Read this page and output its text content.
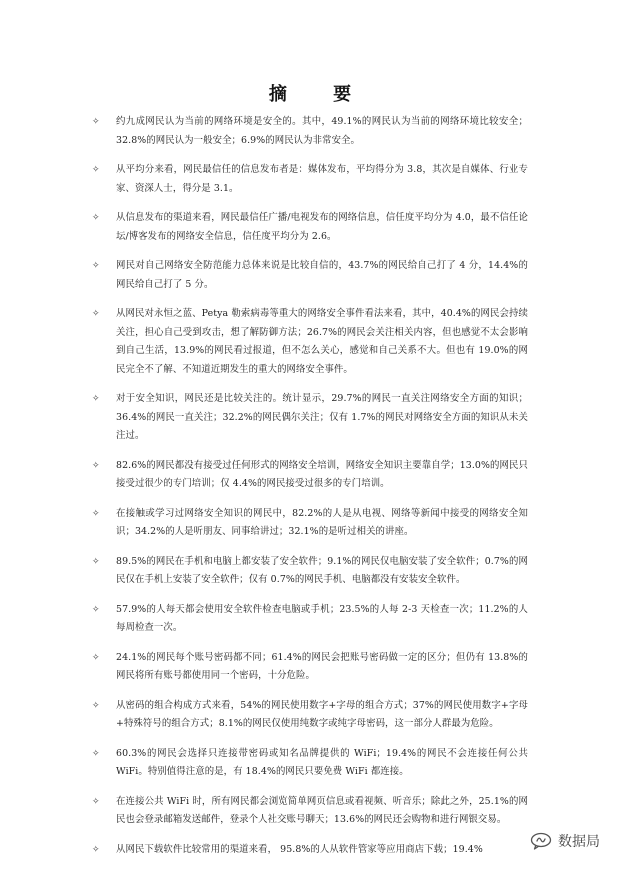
摘 要
✧ 约九成网民认为当前的网络环境是安全的。其中，49.1%的网民认为当前的网络环境比较安全；32.8%的网民认为一般安全；6.9%的网民认为非常安全。
✧ 从平均分来看，网民最信任的信息发布者是：媒体发布，平均得分为 3.8，其次是自媒体、行业专家、资深人士，得分是 3.1。
✧ 从信息发布的渠道来看，网民最信任广播/电视发布的网络信息，信任度平均分为 4.0，最不信任论坛/博客发布的网络安全信息，信任度平均分为 2.6。
✧ 网民对自己网络安全防范能力总体来说是比较自信的，43.7%的网民给自己打了 4 分，14.4%的网民给自己打了 5 分。
✧ 从网民对永恒之蓝、Petya 勒索病毒等重大的网络安全事件看法来看，其中，40.4%的网民会持续关注，担心自己受到攻击，想了解防御方法；26.7%的网民会关注相关内容，但也感觉不太会影响到自己生活，13.9%的网民看过报道，但不怎么关心，感觉和自己关系不大。但也有 19.0%的网民完全不了解、不知道近期发生的重大的网络安全事件。
✧ 对于安全知识，网民还是比较关注的。统计显示，29.7%的网民一直关注网络安全方面的知识；36.4%的网民一直关注；32.2%的网民偶尔关注；仅有 1.7%的网民对网络安全方面的知识从未关注过。
✧ 82.6%的网民都没有接受过任何形式的网络安全培训，网络安全知识主要靠自学；13.0%的网民只接受过很少的专门培训；仅 4.4%的网民接受过很多的专门培训。
✧ 在接触或学习过网络安全知识的网民中，82.2%的人是从电视、网络等新闻中接受的网络安全知识；34.2%的人是听朋友、同事给讲过；32.1%的是听过相关的讲座。
✧ 89.5%的网民在手机和电脑上都安装了安全软件；9.1%的网民仅电脑安装了安全软件；0.7%的网民仅在手机上安装了安全软件；仅有 0.7%的网民手机、电脑都没有安装安全软件。
✧ 57.9%的人每天都会使用安全软件检查电脑或手机；23.5%的人每 2-3 天检查一次；11.2%的人每周检查一次。
✧ 24.1%的网民每个账号密码都不同；61.4%的网民会把账号密码做一定的区分；但仍有 13.8%的网民将所有账号都使用同一个密码，十分危险。
✧ 从密码的组合构成方式来看，54%的网民使用数字+字母的组合方式；37%的网民使用数字+字母+特殊符号的组合方式；8.1%的网民仅使用纯数字或纯字母密码，这一部分人群最为危险。
✧ 60.3%的网民会选择只连接带密码或知名品牌提供的 WiFi；19.4%的网民不会连接任何公共 WiFi。特别值得注意的是，有 18.4%的网民只要免费 WiFi 都连接。
✧ 在连接公共 WiFi 时，所有网民都会浏览简单网页信息或看视频、听音乐；除此之外，25.1%的网民也会登录邮箱发送邮件，登录个人社交账号聊天；13.6%的网民还会购物和进行网银交易。
✧ 从网民下载软件比较常用的渠道来看， 95.8%的人从软件管家等应用商店下载；19.4%	数据局
